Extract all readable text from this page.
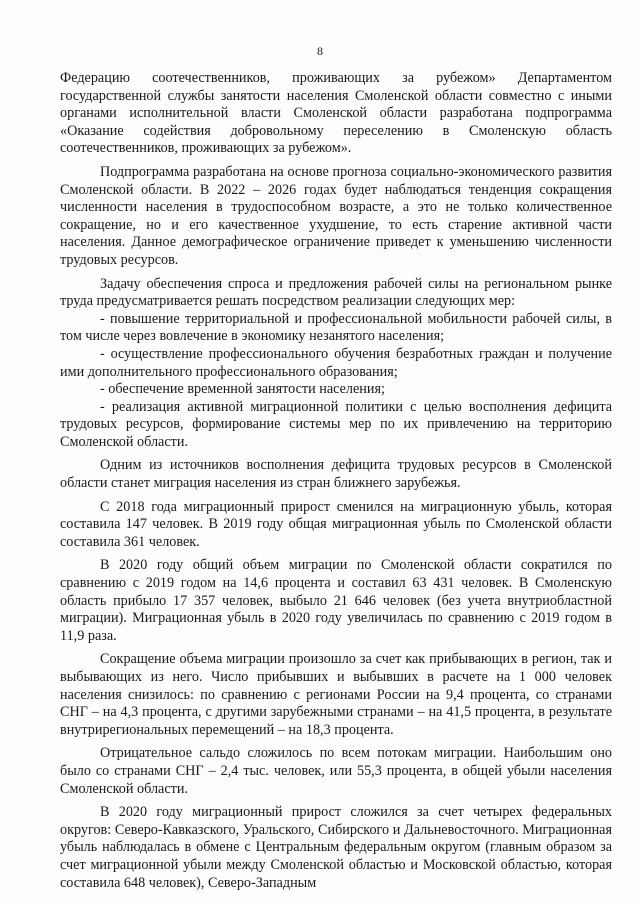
8

Федерацию соотечественников, проживающих за рубежом» Департаментом государственной службы занятости населения Смоленской области совместно с иными органами исполнительной власти Смоленской области разработана подпрограмма «Оказание содействия добровольному переселению в Смоленскую область соотечественников, проживающих за рубежом».

Подпрограмма разработана на основе прогноза социально-экономического развития Смоленской области. В 2022 – 2026 годах будет наблюдаться тенденция сокращения численности населения в трудоспособном возрасте, а это не только количественное сокращение, но и его качественное ухудшение, то есть старение активной части населения. Данное демографическое ограничение приведет к уменьшению численности трудовых ресурсов.

Задачу обеспечения спроса и предложения рабочей силы на региональном рынке труда предусматривается решать посредством реализации следующих мер:

- повышение территориальной и профессиональной мобильности рабочей силы, в том числе через вовлечение в экономику незанятого населения;

- осуществление профессионального обучения безработных граждан и получение ими дополнительного профессионального образования;

- обеспечение временной занятости населения;

- реализация активной миграционной политики с целью восполнения дефицита трудовых ресурсов, формирование системы мер по их привлечению на территорию Смоленской области.

Одним из источников восполнения дефицита трудовых ресурсов в Смоленской области станет миграция населения из стран ближнего зарубежья.

С 2018 года миграционный прирост сменился на миграционную убыль, которая составила 147 человек. В 2019 году общая миграционная убыль по Смоленской области составила 361 человек.

В 2020 году общий объем миграции по Смоленской области сократился по сравнению с 2019 годом на 14,6 процента и составил 63 431 человек. В Смоленскую область прибыло 17 357 человек, выбыло 21 646 человек (без учета внутриобластной миграции). Миграционная убыль в 2020 году увеличилась по сравнению с 2019 годом в 11,9 раза.

Сокращение объема миграции произошло за счет как прибывающих в регион, так и выбывающих из него. Число прибывших и выбывших в расчете на 1 000 человек населения снизилось: по сравнению с регионами России на 9,4 процента, со странами СНГ – на 4,3 процента, с другими зарубежными странами – на 41,5 процента, в результате внутрирегиональных перемещений – на 18,3 процента.

Отрицательное сальдо сложилось по всем потокам миграции. Наибольшим оно было со странами СНГ – 2,4 тыс. человек, или 55,3 процента, в общей убыли населения Смоленской области.

В 2020 году миграционный прирост сложился за счет четырех федеральных округов: Северо-Кавказского, Уральского, Сибирского и Дальневосточного. Миграционная убыль наблюдалась в обмене с Центральным федеральным округом (главным образом за счет миграционной убыли между Смоленской областью и Московской областью, которая составила 648 человек), Северо-Западным
